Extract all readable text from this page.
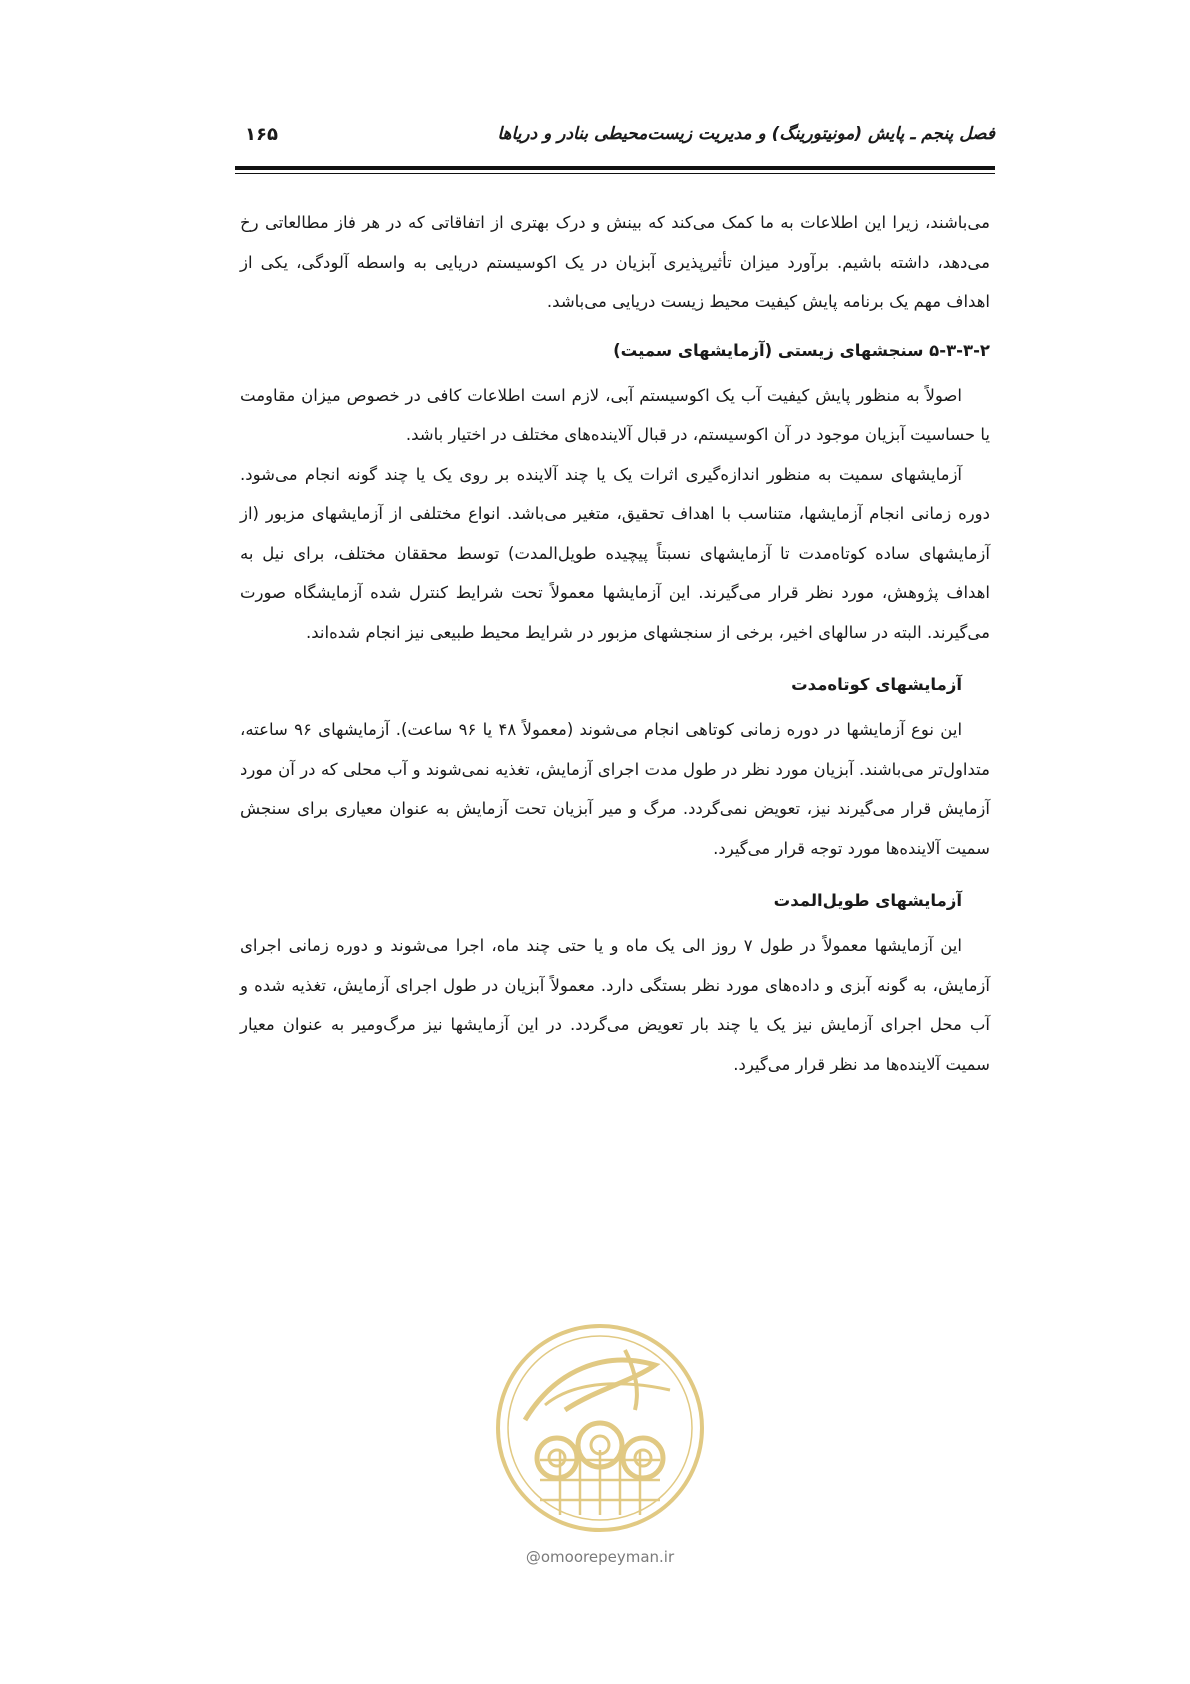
فصل پنجم ـ پایش (مونیتورینگ) و مدیریت زیست‌محیطی بنادر و دریاها
۱۶۵

می‌باشند، زیرا این اطلاعات به ما کمک می‌کند که بینش و درک بهتری از اتفاقاتی که در هر فاز مطالعاتی رخ می‌دهد، داشته باشیم. برآورد میزان تأثیرپذیری آبزیان در یک اکوسیستم دریایی به واسطه آلودگی، یکی از اهداف مهم یک برنامه پایش کیفیت محیط زیست دریایی می‌باشد.

۵-۳-۳-۲ سنجشهای زیستی (آزمایشهای سمیت)

اصولاً به منظور پایش کیفیت آب یک اکوسیستم آبی، لازم است اطلاعات کافی در خصوص میزان مقاومت یا حساسیت آبزیان موجود در آن اکوسیستم، در قبال آلاینده‌های مختلف در اختیار باشد.

آزمایشهای سمیت به منظور اندازه‌گیری اثرات یک یا چند آلاینده بر روی یک یا چند گونه انجام می‌شود. دوره زمانی انجام آزمایشها، متناسب با اهداف تحقیق، متغیر می‌باشد. انواع مختلفی از آزمایشهای مزبور (از آزمایشهای ساده کوتاه‌مدت تا آزمایشهای نسبتاً پیچیده طویل‌المدت) توسط محققان مختلف، برای نیل به اهداف پژوهش، مورد نظر قرار می‌گیرند. این آزمایشها معمولاً تحت شرایط کنترل شده آزمایشگاه صورت می‌گیرند. البته در سالهای اخیر، برخی از سنجشهای مزبور در شرایط محیط طبیعی نیز انجام شده‌اند.

آزمایشهای کوتاه‌مدت

این نوع آزمایشها در دوره زمانی کوتاهی انجام می‌شوند (معمولاً ۴۸ یا ۹۶ ساعت). آزمایشهای ۹۶ ساعته، متداول‌تر می‌باشند. آبزیان مورد نظر در طول مدت اجرای آزمایش، تغذیه نمی‌شوند و آب محلی که در آن مورد آزمایش قرار می‌گیرند نیز، تعویض نمی‌گردد. مرگ و میر آبزیان تحت آزمایش به عنوان معیاری برای سنجش سمیت آلاینده‌ها مورد توجه قرار می‌گیرد.

آزمایشهای طویل‌المدت

این آزمایشها معمولاً در طول ۷ روز الی یک ماه و یا حتی چند ماه، اجرا می‌شوند و دوره زمانی اجرای آزمایش، به گونه آبزی و داده‌های مورد نظر بستگی دارد. معمولاً آبزیان در طول اجرای آزمایش، تغذیه شده و آب محل اجرای آزمایش نیز یک یا چند بار تعویض می‌گردد. در این آزمایشها نیز مرگ‌ومیر به عنوان معیار سمیت آلاینده‌ها مد نظر قرار می‌گیرد.

@omoorepeyman.ir
